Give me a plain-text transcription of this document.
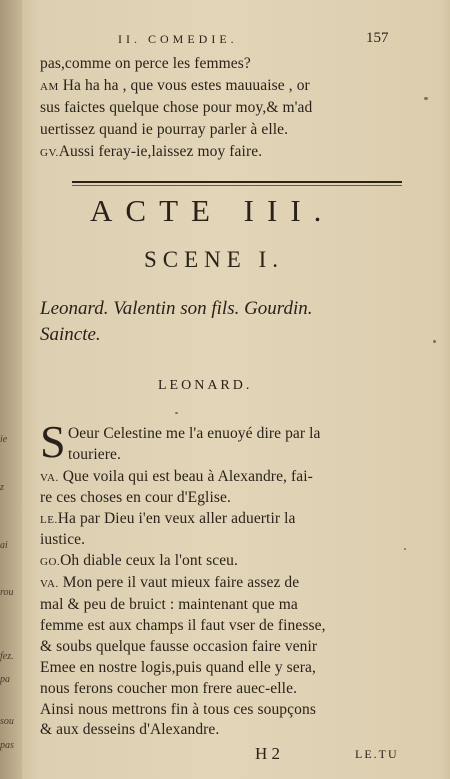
ie
z
ai
rou
fez.
pa
sou
pas
II. COMEDIE.	157
pas,comme on perce les femmes?
AM Ha ha ha , que vous estes mauuaise , or
sus faictes quelque chose pour moy,& m'ad
uertissez quand ie pourray parler à elle.
GV.Aussi feray-ie,laissez moy faire.
ACTE III.
SCENE I.
Leonard. Valentin son fils. Gourdin.
Saincte.
LEONARD.
S Oeur Celestine me l'a enuoyé dire par la
touriere.
VA. Que voila qui est beau à Alexandre, fai-
re ces choses en cour d'Eglise.
LE.Ha par Dieu i'en veux aller aduertir la
iustice.
GO.Oh diable ceux la l'ont sceu.
VA. Mon pere il vaut mieux faire assez de
mal & peu de bruict : maintenant que ma
femme est aux champs il faut vser de finesse,
& soubs quelque fausse occasion faire venir
Emee en nostre logis,puis quand elle y sera,
nous ferons coucher mon frere auec-elle.
Ainsi nous mettrons fin à tous ces soupçons
& aux desseins d'Alexandre.
H 2	LE.TU
